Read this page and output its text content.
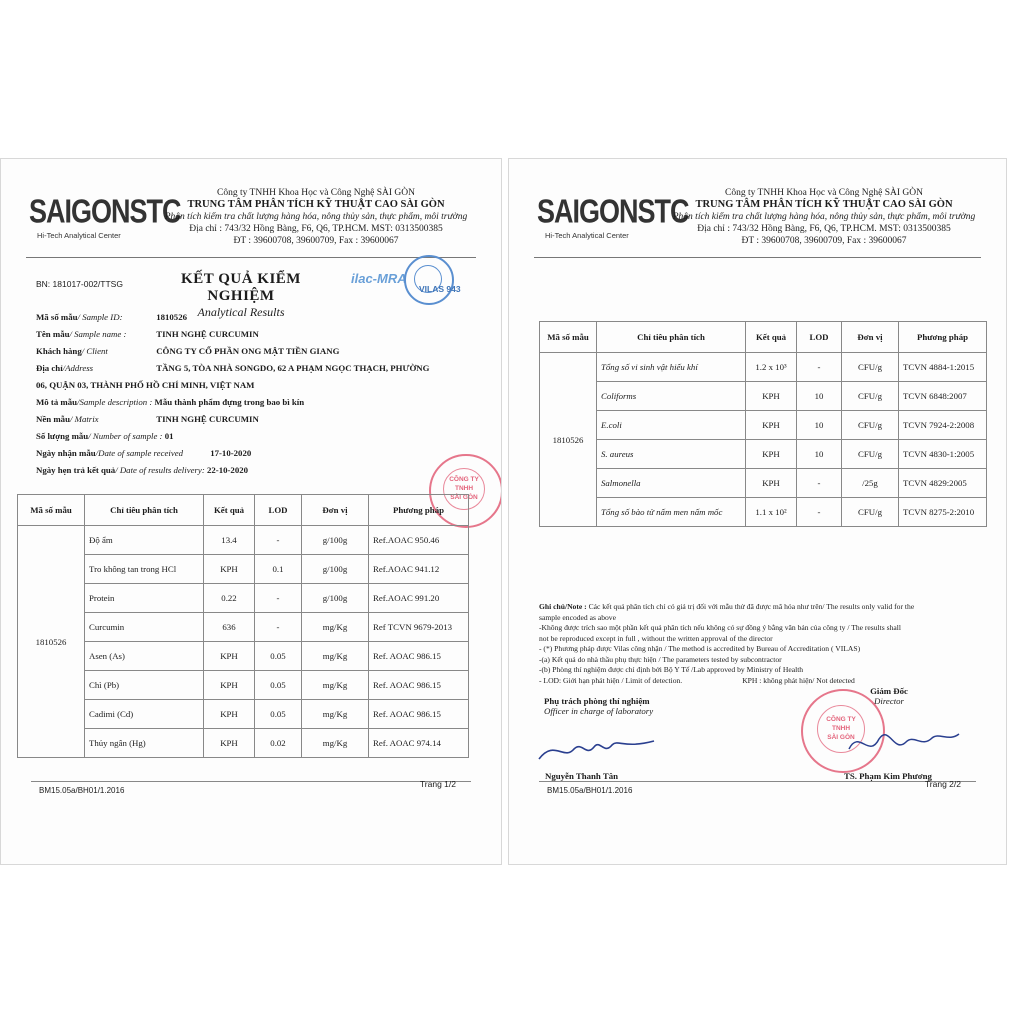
SAIGONSTC
Hi-Tech Analytical Center
Công ty TNHH Khoa Học và Công Nghệ SÀI GÒN
TRUNG TÂM PHÂN TÍCH KỸ THUẬT CAO SÀI GÒN
Phân tích kiểm tra chất lượng hàng hóa, nông thủy sản, thực phẩm, môi trường
Địa chỉ : 743/32 Hồng Bàng, F6, Q6, TP.HCM. MST: 0313500385
ĐT : 39600708, 39600709, Fax : 39600067
BN: 181017-002/TTSG	KẾT QUẢ KIỂM NGHIỆM
Analytical Results
ilac-MRA
VILAS 943
Mã số mẫu/ Sample ID:	1810526
Tên mẫu/ Sample name :	TINH NGHỆ CURCUMIN
Khách hàng/ Client	CÔNG TY CỔ PHẦN ONG MẬT TIỀN GIANG
Địa chỉ/Address	TẦNG 5, TÒA NHÀ SONGDO, 62 A PHẠM NGỌC THẠCH, PHƯỜNG
06, QUẬN 03, THÀNH PHỐ HỒ CHÍ MINH, VIỆT NAM
Mô tả mẫu/Sample description : Mẫu thành phẩm đựng trong bao bì kín
Nền mẫu/ Matrix	TINH NGHỆ CURCUMIN
Số lượng mẫu/ Number of sample : 01
Ngày nhận mẫu/Date of sample received	17-10-2020
Ngày hẹn trả kết quả/ Date of results delivery: 22-10-2020
CÔNG TY
TNHH
SÀI GÒN
Mã số mẫu	Chỉ tiêu phân tích	Kết quả	LOD	Đơn vị	Phương pháp
1810526	Độ ẩm	13.4	-	g/100g	Ref.AOAC 950.46
	Tro không tan trong HCl	KPH	0.1	g/100g	Ref.AOAC 941.12
	Protein	0.22	-	g/100g	Ref.AOAC 991.20
	Curcumin	636	-	mg/Kg	Ref TCVN 9679-2013
	Asen (As)	KPH	0.05	mg/Kg	Ref. AOAC 986.15
	Chì (Pb)	KPH	0.05	mg/Kg	Ref. AOAC 986.15
	Cadimi (Cd)	KPH	0.05	mg/Kg	Ref. AOAC 986.15
	Thủy ngân (Hg)	KPH	0.02	mg/Kg	Ref. AOAC 974.14
BM15.05a/BH01/1.2016
Trang 1/2
SAIGONSTC
Hi-Tech Analytical Center
Công ty TNHH Khoa Học và Công Nghệ SÀI GÒN
TRUNG TÂM PHÂN TÍCH KỸ THUẬT CAO SÀI GÒN
Phân tích kiểm tra chất lượng hàng hóa, nông thủy sản, thực phẩm, môi trường
Địa chỉ : 743/32 Hồng Bàng, F6, Q6, TP.HCM. MST: 0313500385
ĐT : 39600708, 39600709, Fax : 39600067
Mã số mẫu	Chỉ tiêu phân tích	Kết quả	LOD	Đơn vị	Phương pháp
1810526	Tổng số vi sinh vật hiếu khí	1.2 x 10³	-	CFU/g	TCVN 4884-1:2015
	Coliforms	KPH	10	CFU/g	TCVN 6848:2007
	E.coli	KPH	10	CFU/g	TCVN 7924-2:2008
	S. aureus	KPH	10	CFU/g	TCVN 4830-1:2005
	Salmonella	KPH	-	/25g	TCVN 4829:2005
	Tổng số bào tử nấm men nấm mốc	1.1 x 10²	-	CFU/g	TCVN 8275-2:2010
Ghi chú/Note : Các kết quả phân tích chỉ có giá trị đối với mẫu thử đã được mã hóa như trên/ The results only valid for the
sample encoded as above
-Không được trích sao một phần kết quả phân tích nếu không có sự đồng ý bằng văn bản của công ty / The results shall
not be reproduced except in full , without the written approval of the director
- (*) Phương pháp được Vilas công nhận / The method is accredited by Bureau of Accreditation ( VILAS)
-(a) Kết quả do nhà thầu phụ thực hiện / The parameters tested by subcontractor
-(b) Phòng thí nghiệm được chỉ định bởi Bộ Y Tế /Lab approved by Ministry of Health
- LOD: Giới hạn phát hiện / Limit of detection.	KPH : không phát hiện/ Not detected
Phụ trách phòng thí nghiệm
Officer in charge of laboratory
Giám Đốc
Director
CÔNG TY
TNHH
SÀI GÒN
Nguyễn Thanh Tân	TS. Phạm Kim Phương
BM15.05a/BH01/1.2016
Trang 2/2
